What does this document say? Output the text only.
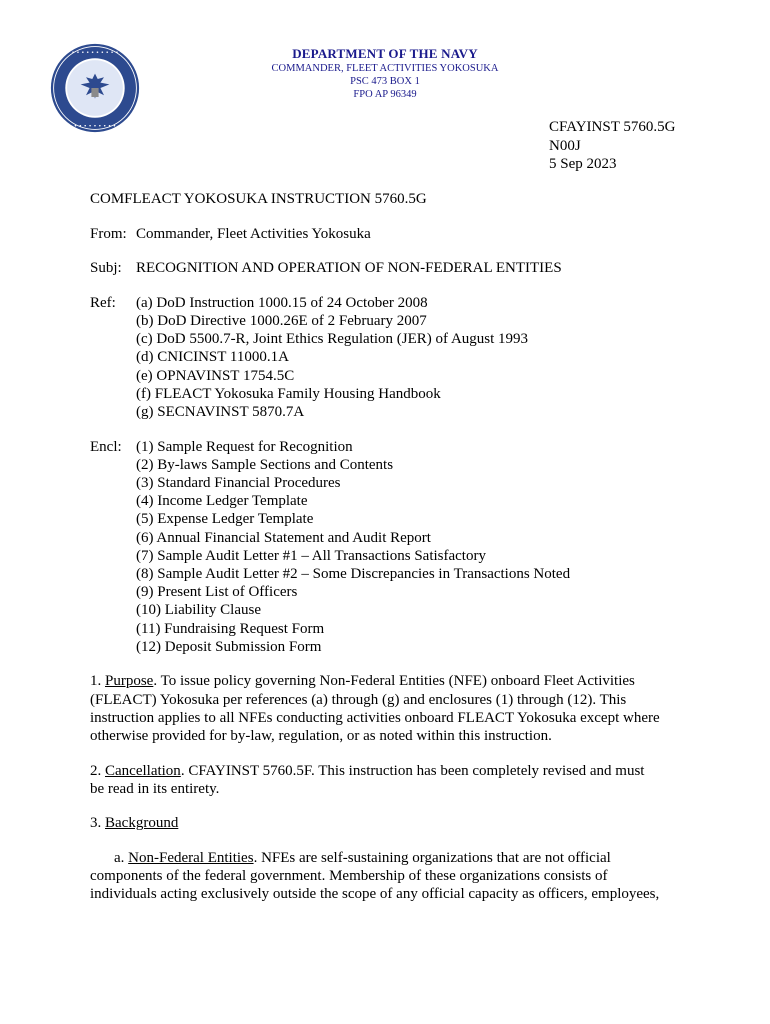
• • • • • • • • • •
• • • • • • • • •
DEPARTMENT OF THE NAVY
COMMANDER, FLEET ACTIVITIES YOKOSUKA
PSC 473 BOX 1
FPO AP 96349
CFAYINST 5760.5G
N00J
5 Sep 2023
COMFLEACT YOKOSUKA INSTRUCTION 5760.5G
From: Commander, Fleet Activities Yokosuka
Subj: RECOGNITION AND OPERATION OF NON-FEDERAL ENTITIES
Ref: (a) DoD Instruction 1000.15 of 24 October 2008
(b) DoD Directive 1000.26E of 2 February 2007
(c) DoD 5500.7-R, Joint Ethics Regulation (JER) of August 1993
(d) CNICINST 11000.1A
(e) OPNAVINST 1754.5C
(f) FLEACT Yokosuka Family Housing Handbook
(g) SECNAVINST 5870.7A
Encl: (1) Sample Request for Recognition
(2) By-laws Sample Sections and Contents
(3) Standard Financial Procedures
(4) Income Ledger Template
(5) Expense Ledger Template
(6) Annual Financial Statement and Audit Report
(7) Sample Audit Letter #1 – All Transactions Satisfactory
(8) Sample Audit Letter #2 – Some Discrepancies in Transactions Noted
(9) Present List of Officers
(10) Liability Clause
(11) Fundraising Request Form
(12) Deposit Submission Form
1. Purpose. To issue policy governing Non-Federal Entities (NFE) onboard Fleet Activities
(FLEACT) Yokosuka per references (a) through (g) and enclosures (1) through (12). This
instruction applies to all NFEs conducting activities onboard FLEACT Yokosuka except where
otherwise provided for by-law, regulation, or as noted within this instruction.
2. Cancellation. CFAYINST 5760.5F. This instruction has been completely revised and must
be read in its entirety.
3. Background
a. Non-Federal Entities. NFEs are self-sustaining organizations that are not official
components of the federal government. Membership of these organizations consists of
individuals acting exclusively outside the scope of any official capacity as officers, employees,
